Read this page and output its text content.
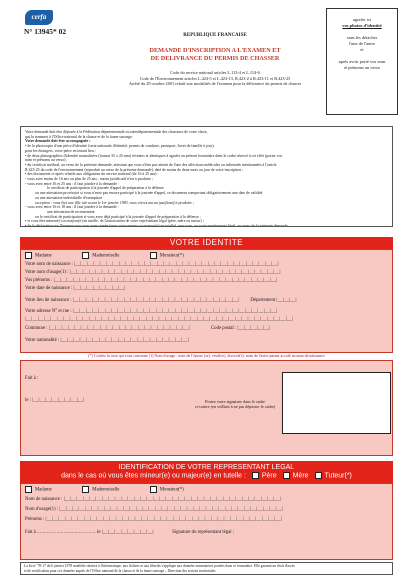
cerfa
N° 13945* 02	REPUBLIQUE FRANCAISE
DEMANDE D'INSCRIPTION A L'EXAMEN ET
DE DELIVRANCE DU PERMIS DE CHASSER
Code du service national articles L.113-4 et L.114-6
Code de l'Environnement articles L.423-5 et L.423-13, R.423-2 à R.423-11 et R.423-25
Arrêté du 29 octobre 2001 relatif aux modalités de l'examen pour la délivrance du permis de chasser
agrafer ici
vos photos d'identité
sans les détacher
l'une de l'autre
et
après avoir porté vos nom
et prénoms au verso
Votre demande doit être déposée à la Fédération départementale ou interdépartementale des chasseurs de votre choix,
qui la transmet à l'Office national de la chasse et de la faune sauvage.
Votre demande doit être accompagnée :
• de la photocopie d'une pièce d'identité (carte nationale d'identité, permis de conduire, passeport, livret de famille à jour),
pour les étrangers, votre pièce en tenant lieu ;
• de deux photographies d'identité normalisées (format 35 x 45 mm) récentes et identiques à agrafer au présent formulaire dans le cadre réservé à cet effet (porter vos
nom et prénoms au verso) ;
• du certificat médical, au verso de la présente demande, attestant que vous n'êtes pas atteint de l'une des affections médicales ou infirmités mentionnées à l'article
R.423-25 du code de l'environnement (reproduit au verso de la présente demande), daté de moins de deux mois au jour de votre inscription ;
• des documents ci-après relatifs aux obligations du service national (de 16 à 25 ans) :
- vous avez moins de 16 ans ou plus de 25 ans : aucun justificatif n'est à produire ;
- vous avez entre 16 et 25 ans : il faut joindre à la demande :
le certificat de participation à la journée d'appel de préparation à la défense
ou une attestation provisoire si vous n'avez pas encore participé à la journée d'appel, ce document comportant obligatoirement une date de validité
ou une attestation individuelle d'exemption
exception : vous êtes une fille née avant le 1er janvier 1983, vous n'avez aucun justificatif à produire ;
- vous avez entre 16 et 18 ans : il faut joindre à la demande :
une attestation de recensement
ou le certificat de participation si vous avez déjà participé à la journée d'appel de préparation à la défense ;
• si vous êtes mineur(e) ou majeur(e) en tutelle, de l'autorisation de votre représentant légal (père, mère ou tuteur) ;
• de la déclaration sur l'honneur que vous avez signée (pour votre mineur ou majeur(e) en tutelle), que vous, ou votre représentant légal, au verso de la présente demande,
VOTRE IDENTITE
Madame	Mademoiselle	Monsieur(*)
Votre nom de naissance : |__|__|__|__|__|__|__|__|__|__|__|__|__|__|__|__|__|__|__|__|__|__|__|__|__|__|__|__|__|__|__|__|
Votre nom d'usage(1) : |__|__|__|__|__|__|__|__|__|__|__|__|__|__|__|__|__|__|__|__|__|__|__|__|__|__|__|__|__|__|__|__|__|
Vos prénoms : |__|__|__|__|__|__|__|__|__|__|__|__|__|__|__|__|__|__|__|__|__|__|__|__|__|__|__|__|__|__|__|__|__|__|__|
Votre date de naissance : |__|__|__|__|__|__|__|__|
Votre lieu de naissance : |__|__|__|__|__|__|__|__|__|__|__|__|__|__|__|__|__|__|__|__|__|__|__|__|__|__| Département |__|__|__|
Votre adresse N° et rue : |__|__|__|__|__|__|__|__|__|__|__|__|__|__|__|__|__|__|__|__|__|__|__|__|__|__|__|__|__|__|__|__|
|__|__|__|__|__|__|__|__|__|__|__|__|__|__|__|__|__|__|__|__|__|__|__|__|__|__|__|__|__|__|__|__|__|__|__|__|__|__|__|__|__|__|
Commune : |__|__|__|__|__|__|__|__|__|__|__|__|__|__|__|__|__|__|__|__|__|__|	Code postal : |__|__|__|__|__|
Votre nationalité : |__|__|__|__|__|__|__|__|__|__|__|__|__|__|__|__|__|__|__|__|
(*) Cochez la case qui vous concerne (1) Nom d'usage : nom de l'époux (se), veuf(ve), divorcé(e), nom de l'autre parent accolé au nom de naissance
Fait à :
le : |__|__|__|__|__|__|__|__|	Portez votre signature dans le cadre
ci-contre (en veillant à ne pas dépasser le cadre)
IDENTIFICATION DE VOTRE REPRESENTANT LEGAL
dans le cas où vous êtes mineur(e) ou majeur(e) en tutelle : Père Mère Tuteur(*)
Madame	Mademoiselle	Monsieur(*)
Nom de naissance : |__|__|__|__|__|__|__|__|__|__|__|__|__|__|__|__|__|__|__|__|__|__|__|__|__|__|__|__|__|__|__|__|__|__|
Nom d'usage(1) : |__|__|__|__|__|__|__|__|__|__|__|__|__|__|__|__|__|__|__|__|__|__|__|__|__|__|__|__|__|__|__|__|__|__|__|
Prénoms : |__|__|__|__|__|__|__|__|__|__|__|__|__|__|__|__|__|__|__|__|__|__|__|__|__|__|__|__|__|__|__|__|__|__|__|__|__|
Fait à .......................................... le |__|__|__|__|__|__|__|__|	Signature du représentant légal :
La loi n° 78-17 du 6 janvier 1978 modifiée relative à l'informatique, aux fichiers et aux libertés s'applique aux données nominatives portées dans ce formulaire. Elle garantit un droit d'accès
et de rectification pour ces données auprès de l'Office national de la chasse et de la faune sauvage – Direction des actions territoriales
